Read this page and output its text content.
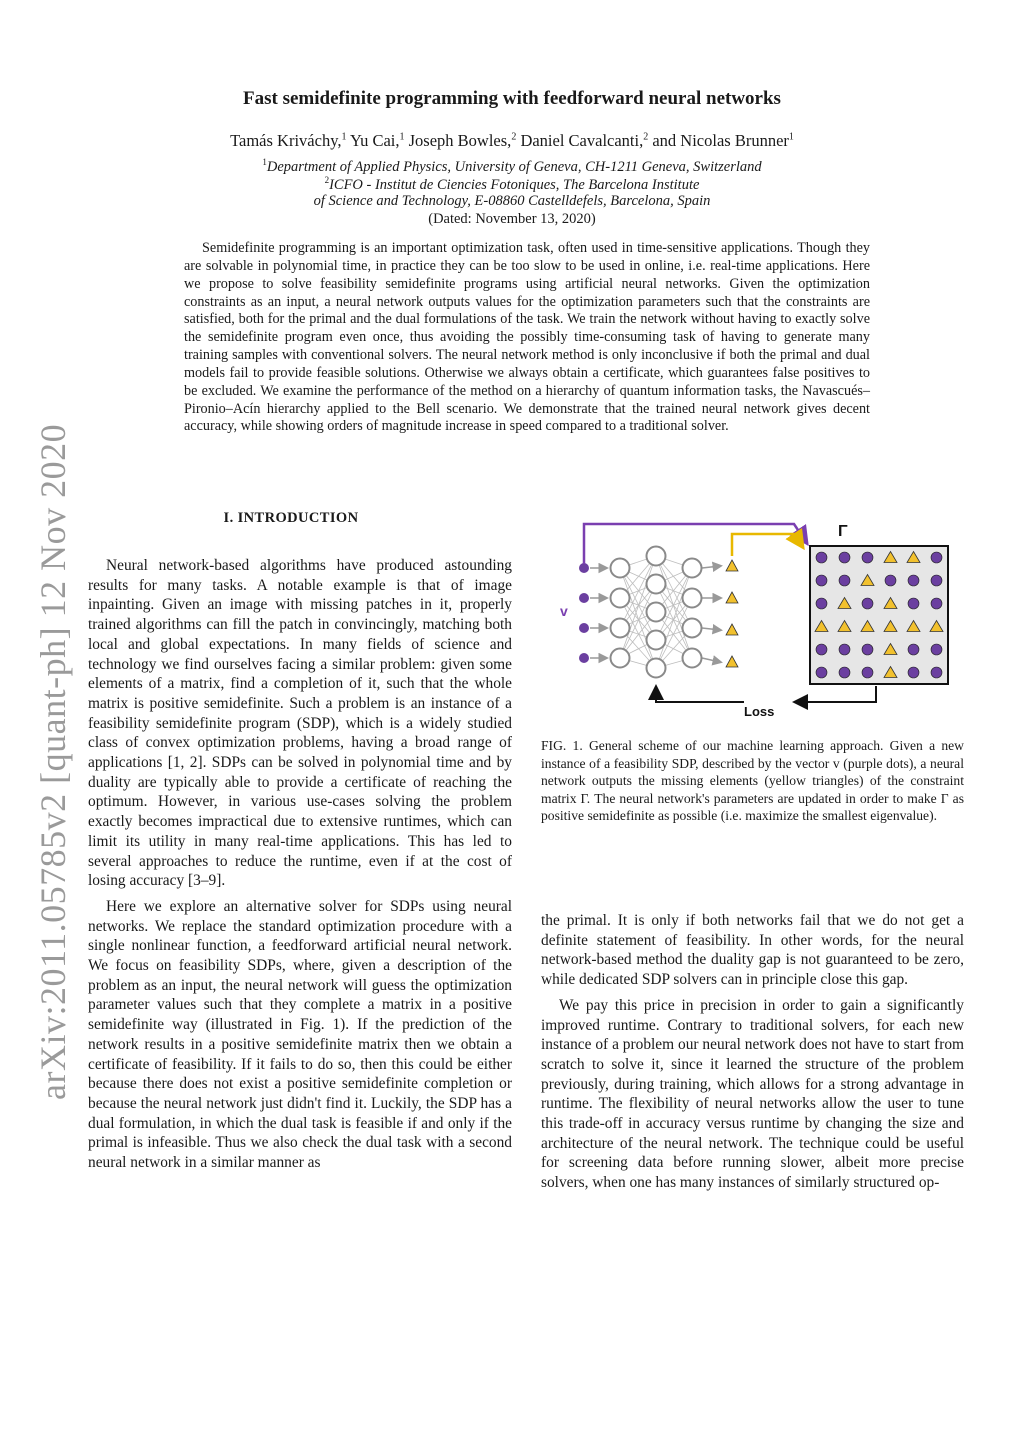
arXiv:2011.05785v2 [quant-ph] 12 Nov 2020
Fast semidefinite programming with feedforward neural networks
Tamás Kriváchy,$^1$ Yu Cai,$^1$ Joseph Bowles,$^2$ Daniel Cavalcanti,$^2$ and Nicolas Brunner$^1$
$^1$Department of Applied Physics, University of Geneva, CH-1211 Geneva, Switzerland
$^2$ICFO - Institut de Ciencies Fotoniques, The Barcelona Institute
of Science and Technology, E-08860 Castelldefels, Barcelona, Spain
(Dated: November 13, 2020)

Semidefinite programming is an important optimization task, often used in time-sensitive applications. Though they are solvable in polynomial time, in practice they can be too slow to be used in online, i.e. real-time applications. Here we propose to solve feasibility semidefinite programs using artificial neural networks. Given the optimization constraints as an input, a neural network outputs values for the optimization parameters such that the constraints are satisfied, both for the primal and the dual formulations of the task. We train the network without having to exactly solve the semidefinite program even once, thus avoiding the possibly time-consuming task of having to generate many training samples with conventional solvers. The neural network method is only inconclusive if both the primal and dual models fail to provide feasible solutions. Otherwise we always obtain a certificate, which guarantees false positives to be excluded. We examine the performance of the method on a hierarchy of quantum information tasks, the Navascués–Pironio–Acín hierarchy applied to the Bell scenario. We demonstrate that the trained neural network gives decent accuracy, while showing orders of magnitude increase in speed compared to a traditional solver.

I. INTRODUCTION

Neural network-based algorithms have produced astounding results for many tasks. A notable example is that of image inpainting. Given an image with missing patches in it, properly trained algorithms can fill the patch in convincingly, matching both local and global expectations. In many fields of science and technology we find ourselves facing a similar problem: given some elements of a matrix, find a completion of it, such that the whole matrix is positive semidefinite. Such a problem is an instance of a feasibility semidefinite program (SDP), which is a widely studied class of convex optimization problems, having a broad range of applications [1, 2]. SDPs can be solved in polynomial time and by duality are typically able to provide a certificate of reaching the optimum. However, in various use-cases solving the problem exactly becomes impractical due to extensive runtimes, which can limit its utility in many real-time applications. This has led to several approaches to reduce the runtime, even if at the cost of losing accuracy [3–9].

Here we explore an alternative solver for SDPs using neural networks. We replace the standard optimization procedure with a single nonlinear function, a feedforward artificial neural network. We focus on feasibility SDPs, where, given a description of the problem as an input, the neural network will guess the optimization parameter values such that they complete a matrix in a positive semidefinite way (illustrated in Fig. 1). If the prediction of the network results in a positive semidefinite matrix then we obtain a certificate of feasibility. If it fails to do so, then this could be either because there does not exist a positive semidefinite completion or because the neural network just didn't find it. Luckily, the SDP has a dual formulation, in which the dual task is feasible if and only if the primal is infeasible. Thus we also check the dual task with a second neural network in a similar manner as

v
Γ
Loss
FIG. 1. General scheme of our machine learning approach. Given a new instance of a feasibility SDP, described by the vector v (purple dots), a neural network outputs the missing elements (yellow triangles) of the constraint matrix Γ. The neural network's parameters are updated in order to make Γ as positive semidefinite as possible (i.e. maximize the smallest eigenvalue).

the primal. It is only if both networks fail that we do not get a definite statement of feasibility. In other words, for the neural network-based method the duality gap is not guaranteed to be zero, while dedicated SDP solvers can in principle close this gap.

We pay this price in precision in order to gain a significantly improved runtime. Contrary to traditional solvers, for each new instance of a problem our neural network does not have to start from scratch to solve it, since it learned the structure of the problem previously, during training, which allows for a strong advantage in runtime. The flexibility of neural networks allow the user to tune this trade-off in accuracy versus runtime by changing the size and architecture of the neural network. The technique could be useful for screening data before running slower, albeit more precise solvers, when one has many instances of similarly structured op-
